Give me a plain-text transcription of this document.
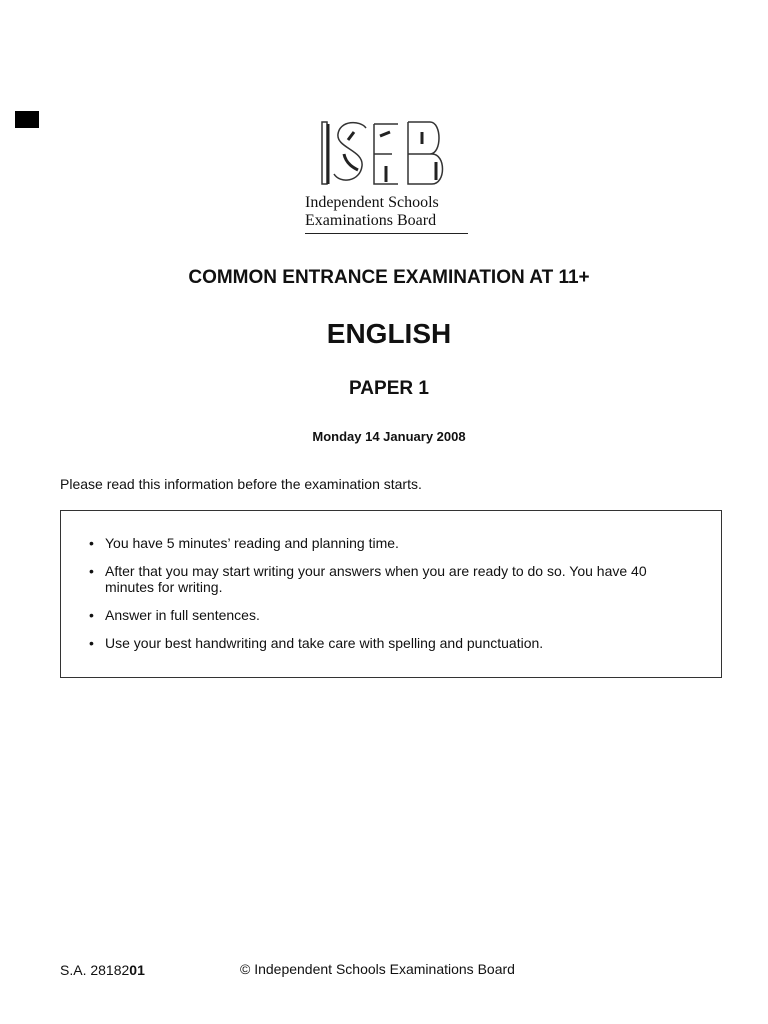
Independent Schools
Examinations Board
COMMON ENTRANCE EXAMINATION AT 11+
ENGLISH
PAPER 1
Monday 14 January 2008
Please read this information before the examination starts.
• You have 5 minutes’ reading and planning time.
• After that you may start writing your answers when you are ready to do so. You have 40 minutes for writing.
• Answer in full sentences.
• Use your best handwriting and take care with spelling and punctuation.
S.A. 2818201	© Independent Schools Examinations Board
